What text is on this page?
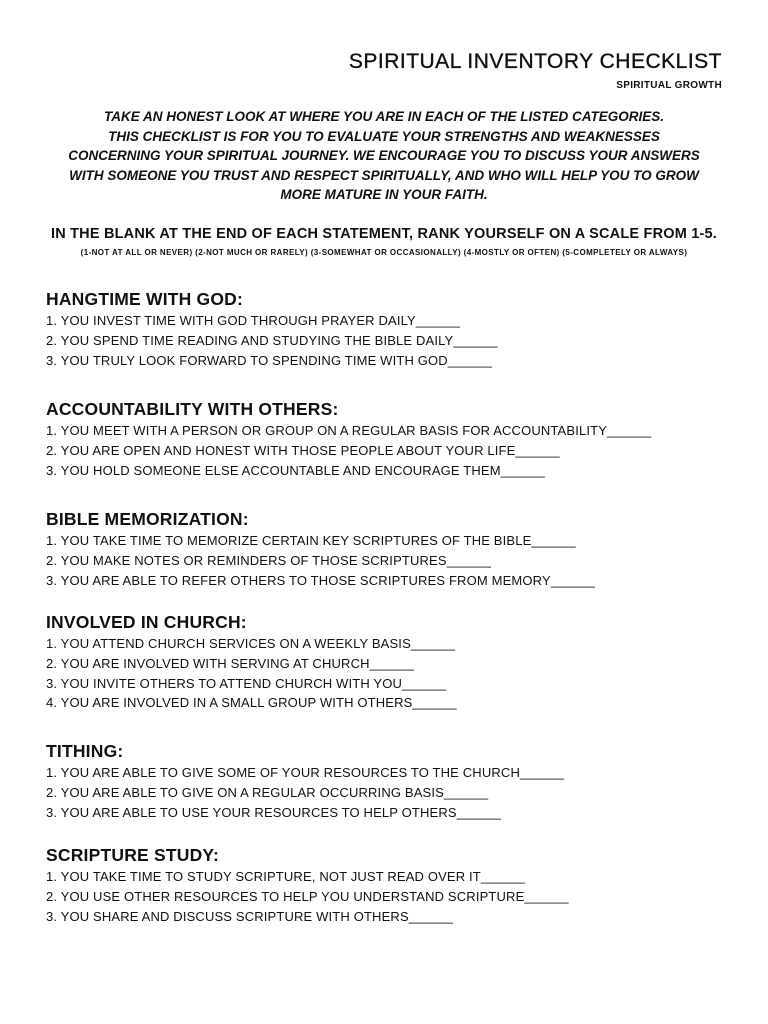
SPIRITUAL INVENTORY CHECKLIST
SPIRITUAL GROWTH
TAKE AN HONEST LOOK AT WHERE YOU ARE IN EACH OF THE LISTED CATEGORIES.
THIS CHECKLIST IS FOR YOU TO EVALUATE YOUR STRENGTHS AND WEAKNESSES
CONCERNING YOUR SPIRITUAL JOURNEY. WE ENCOURAGE YOU TO DISCUSS YOUR ANSWERS
WITH SOMEONE YOU TRUST AND RESPECT SPIRITUALLY, AND WHO WILL HELP YOU TO GROW
MORE MATURE IN YOUR FAITH.
IN THE BLANK AT THE END OF EACH STATEMENT, RANK YOURSELF ON A SCALE FROM 1-5.
(1-NOT AT ALL OR NEVER) (2-NOT MUCH OR RARELY) (3-SOMEWHAT OR OCCASIONALLY) (4-MOSTLY OR OFTEN) (5-COMPLETELY OR ALWAYS)
HANGTIME WITH GOD:
1. YOU INVEST TIME WITH GOD THROUGH PRAYER DAILY______
2. YOU SPEND TIME READING AND STUDYING THE BIBLE DAILY______
3. YOU TRULY LOOK FORWARD TO SPENDING TIME WITH GOD______
ACCOUNTABILITY WITH OTHERS:
1. YOU MEET WITH A PERSON OR GROUP ON A REGULAR BASIS FOR ACCOUNTABILITY______
2. YOU ARE OPEN AND HONEST WITH THOSE PEOPLE ABOUT YOUR LIFE______
3. YOU HOLD SOMEONE ELSE ACCOUNTABLE AND ENCOURAGE THEM______
BIBLE MEMORIZATION:
1. YOU TAKE TIME TO MEMORIZE CERTAIN KEY SCRIPTURES OF THE BIBLE______
2. YOU MAKE NOTES OR REMINDERS OF THOSE SCRIPTURES______
3. YOU ARE ABLE TO REFER OTHERS TO THOSE SCRIPTURES FROM MEMORY______
INVOLVED IN CHURCH:
1. YOU ATTEND CHURCH SERVICES ON A WEEKLY BASIS______
2. YOU ARE INVOLVED WITH SERVING AT CHURCH______
3. YOU INVITE OTHERS TO ATTEND CHURCH WITH YOU______
4. YOU ARE INVOLVED IN A SMALL GROUP WITH OTHERS______
TITHING:
1. YOU ARE ABLE TO GIVE SOME OF YOUR RESOURCES TO THE CHURCH______
2. YOU ARE ABLE TO GIVE ON A REGULAR OCCURRING BASIS______
3. YOU ARE ABLE TO USE YOUR RESOURCES TO HELP OTHERS______
SCRIPTURE STUDY:
1. YOU TAKE TIME TO STUDY SCRIPTURE, NOT JUST READ OVER IT______
2. YOU USE OTHER RESOURCES TO HELP YOU UNDERSTAND SCRIPTURE______
3. YOU SHARE AND DISCUSS SCRIPTURE WITH OTHERS______
